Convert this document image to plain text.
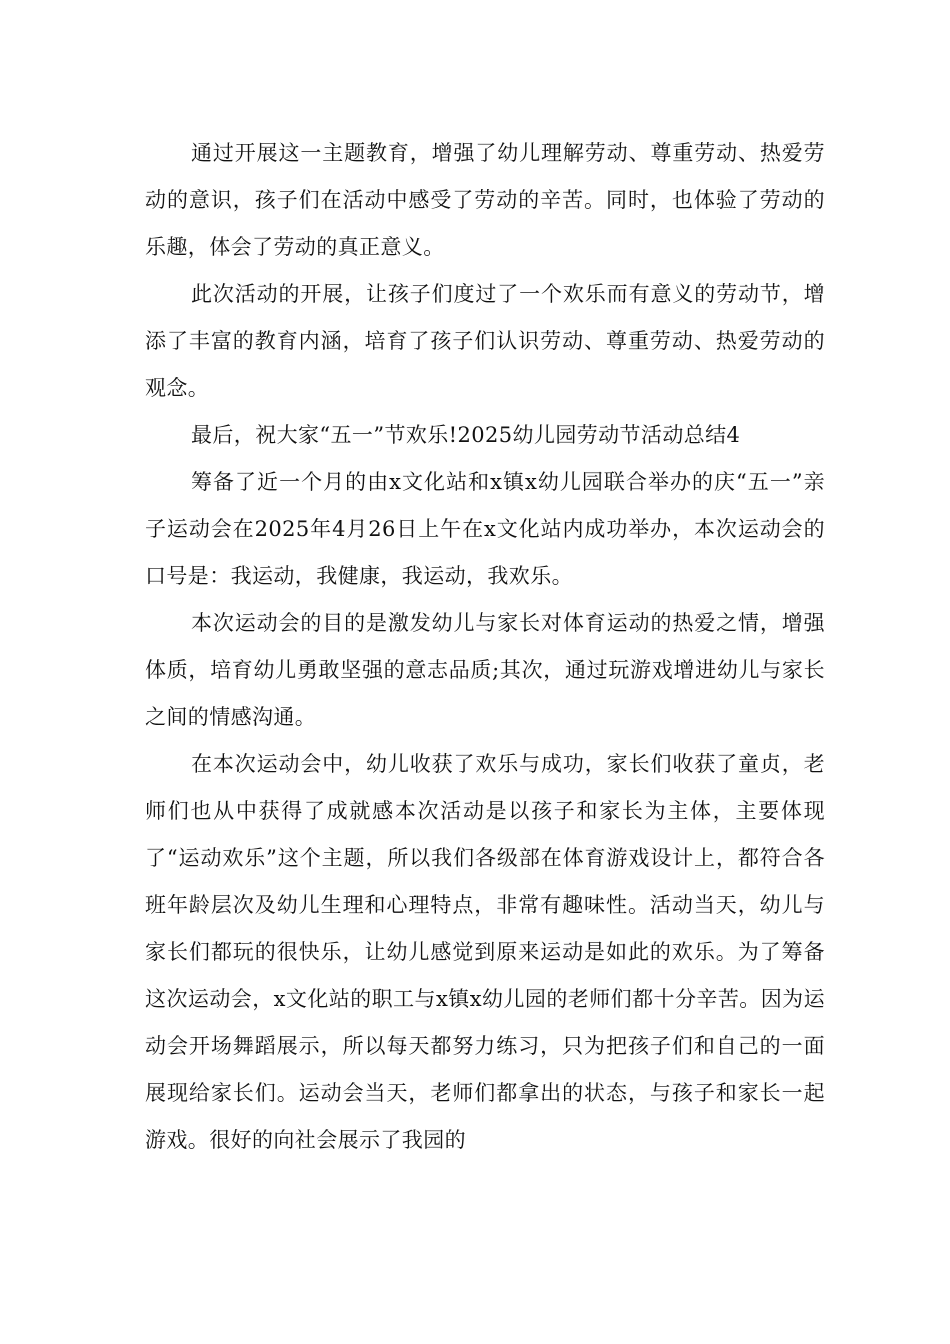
通过开展这一主题教育，增强了幼儿理解劳动、尊重劳动、热爱劳动的意识，孩子们在活动中感受了劳动的辛苦。同时，也体验了劳动的乐趣，体会了劳动的真正意义。

此次活动的开展，让孩子们度过了一个欢乐而有意义的劳动节，增添了丰富的教育内涵，培育了孩子们认识劳动、尊重劳动、热爱劳动的观念。

最后，祝大家“五一”节欢乐!2025幼儿园劳动节活动总结4

筹备了近一个月的由x文化站和x镇x幼儿园联合举办的庆“五一”亲子运动会在2025年4月26日上午在x文化站内成功举办，本次运动会的口号是：我运动，我健康，我运动，我欢乐。

本次运动会的目的是激发幼儿与家长对体育运动的热爱之情，增强体质，培育幼儿勇敢坚强的意志品质;其次，通过玩游戏增进幼儿与家长之间的情感沟通。

在本次运动会中，幼儿收获了欢乐与成功，家长们收获了童贞，老师们也从中获得了成就感本次活动是以孩子和家长为主体，主要体现了“运动欢乐”这个主题，所以我们各级部在体育游戏设计上，都符合各班年龄层次及幼儿生理和心理特点，非常有趣味性。活动当天，幼儿与家长们都玩的很快乐，让幼儿感觉到原来运动是如此的欢乐。为了筹备这次运动会，x文化站的职工与x镇x幼儿园的老师们都十分辛苦。因为运动会开场舞蹈展示，所以每天都努力练习，只为把孩子们和自己的一面展现给家长们。运动会当天，老师们都拿出的状态，与孩子和家长一起游戏。很好的向社会展示了我园的
